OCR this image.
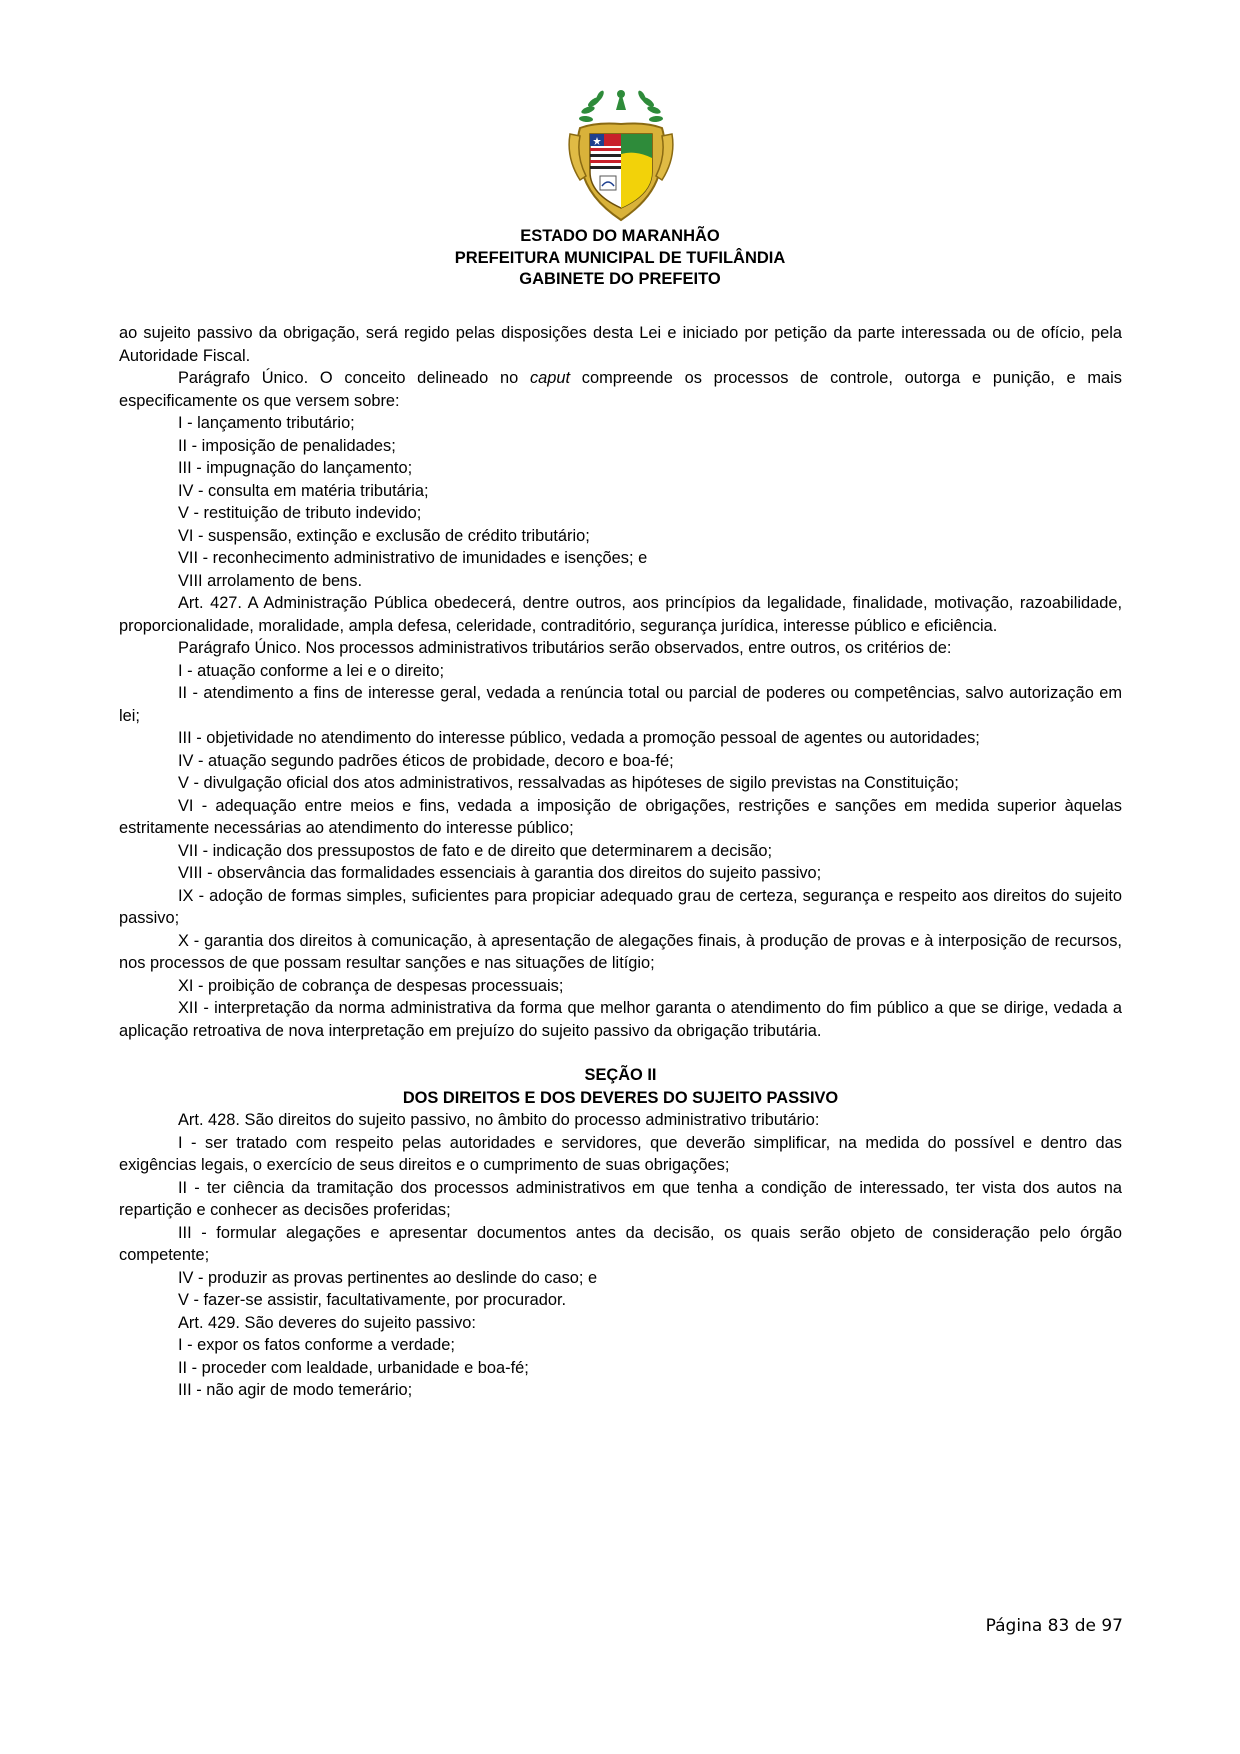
ESTADO DO MARANHÃO
PREFEITURA MUNICIPAL DE TUFILÂNDIA
GABINETE DO PREFEITO

ao sujeito passivo da obrigação, será regido pelas disposições desta Lei e iniciado por petição da parte interessada ou de ofício, pela Autoridade Fiscal.

Parágrafo Único. O conceito delineado no caput compreende os processos de controle, outorga e punição, e mais especificamente os que versem sobre:

I - lançamento tributário;

II - imposição de penalidades;

III - impugnação do lançamento;

IV - consulta em matéria tributária;

V - restituição de tributo indevido;

VI - suspensão, extinção e exclusão de crédito tributário;

VII - reconhecimento administrativo de imunidades e isenções; e

VIII arrolamento de bens.

Art. 427. A Administração Pública obedecerá, dentre outros, aos princípios da legalidade, finalidade, motivação, razoabilidade, proporcionalidade, moralidade, ampla defesa, celeridade, contraditório, segurança jurídica, interesse público e eficiência.

Parágrafo Único. Nos processos administrativos tributários serão observados, entre outros, os critérios de:

I - atuação conforme a lei e o direito;

II - atendimento a fins de interesse geral, vedada a renúncia total ou parcial de poderes ou competências, salvo autorização em lei;

III - objetividade no atendimento do interesse público, vedada a promoção pessoal de agentes ou autoridades;

IV - atuação segundo padrões éticos de probidade, decoro e boa-fé;

V - divulgação oficial dos atos administrativos, ressalvadas as hipóteses de sigilo previstas na Constituição;

VI - adequação entre meios e fins, vedada a imposição de obrigações, restrições e sanções em medida superior àquelas estritamente necessárias ao atendimento do interesse público;

VII - indicação dos pressupostos de fato e de direito que determinarem a decisão;

VIII - observância das formalidades essenciais à garantia dos direitos do sujeito passivo;

IX - adoção de formas simples, suficientes para propiciar adequado grau de certeza, segurança e respeito aos direitos do sujeito passivo;

X - garantia dos direitos à comunicação, à apresentação de alegações finais, à produção de provas e à interposição de recursos, nos processos de que possam resultar sanções e nas situações de litígio;

XI - proibição de cobrança de despesas processuais;

XII - interpretação da norma administrativa da forma que melhor garanta o atendimento do fim público a que se dirige, vedada a aplicação retroativa de nova interpretação em prejuízo do sujeito passivo da obrigação tributária.

SEÇÃO II

DOS DIREITOS E DOS DEVERES DO SUJEITO PASSIVO

Art. 428. São direitos do sujeito passivo, no âmbito do processo administrativo tributário:

I - ser tratado com respeito pelas autoridades e servidores, que deverão simplificar, na medida do possível e dentro das exigências legais, o exercício de seus direitos e o cumprimento de suas obrigações;

II - ter ciência da tramitação dos processos administrativos em que tenha a condição de interessado, ter vista dos autos na repartição e conhecer as decisões proferidas;

III - formular alegações e apresentar documentos antes da decisão, os quais serão objeto de consideração pelo órgão competente;

IV - produzir as provas pertinentes ao deslinde do caso; e

V - fazer-se assistir, facultativamente, por procurador.

Art. 429. São deveres do sujeito passivo:

I - expor os fatos conforme a verdade;

II - proceder com lealdade, urbanidade e boa-fé;

III - não agir de modo temerário;

Página 83 de 97
